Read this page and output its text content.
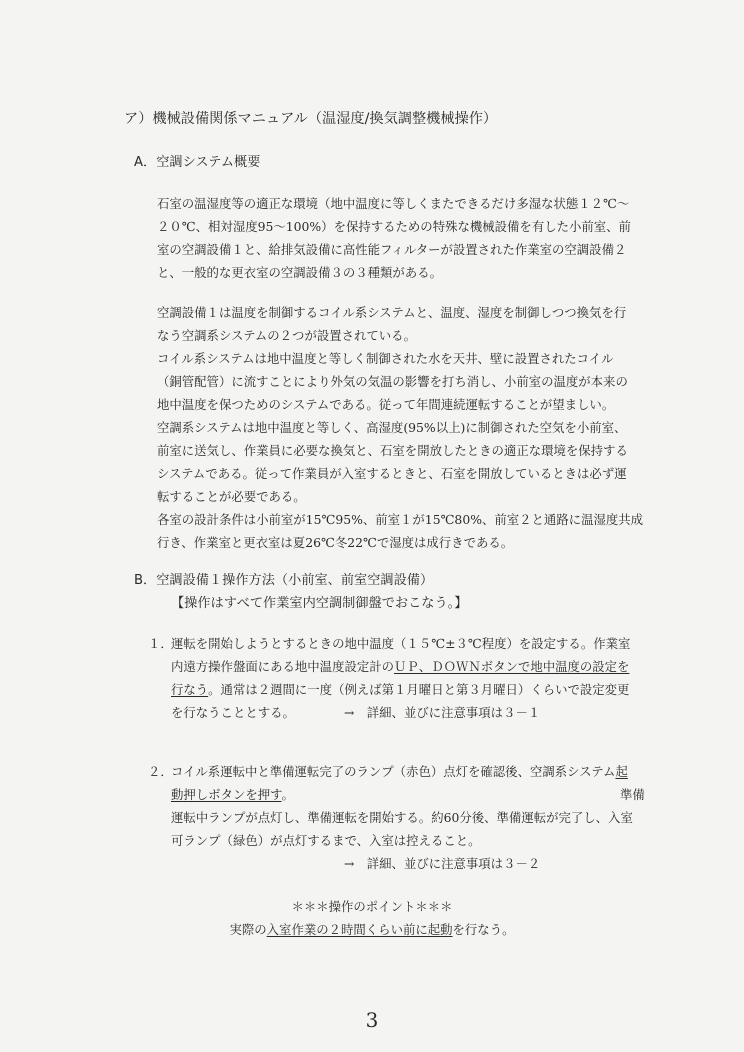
ア）機械設備関係マニュアル（温湿度/換気調整機械操作）
A．空調システム概要
石室の温湿度等の適正な環境（地中温度に等しくまたできるだけ多湿な状態１２℃～
２０℃、相対湿度95～100%）を保持するための特殊な機械設備を有した小前室、前
室の空調設備１と、給排気設備に高性能フィルターが設置された作業室の空調設備２
と、一般的な更衣室の空調設備３の３種類がある。
空調設備１は温度を制御するコイル系システムと、温度、湿度を制御しつつ換気を行
なう空調系システムの２つが設置されている。
コイル系システムは地中温度と等しく制御された水を天井、壁に設置されたコイル
（銅管配管）に流すことにより外気の気温の影響を打ち消し、小前室の温度が本来の
地中温度を保つためのシステムである。従って年間連続運転することが望ましい。
空調系システムは地中温度と等しく、高湿度(95%以上)に制御された空気を小前室、
前室に送気し、作業員に必要な換気と、石室を開放したときの適正な環境を保持する
システムである。従って作業員が入室するときと、石室を開放しているときは必ず運
転することが必要である。
各室の設計条件は小前室が15℃95%、前室１が15℃80%、前室２と通路に温湿度共成
行き、作業室と更衣室は夏26℃冬22℃で湿度は成行きである。
B．空調設備１操作方法（小前室、前室空調設備）
【操作はすべて作業室内空調制御盤でおこなう。】
１．
運転を開始しようとするときの地中温度（１５℃±３℃程度）を設定する。作業室
内遠方操作盤面にある地中温度設定計のＵＰ、ＤＯＷＮボタンで地中温度の設定を
行なう。通常は２週間に一度（例えば第１月曜日と第３月曜日）くらいで設定変更
を行なうこととする。	→　詳細、並びに注意事項は３－１
２．
コイル系運転中と準備運転完了のランプ（赤色）点灯を確認後、空調系システム起
動押しボタンを押す。	準備
運転中ランプが点灯し、準備運転を開始する。約60分後、準備運転が完了し、入室
可ランプ（緑色）が点灯するまで、入室は控えること。
→　詳細、並びに注意事項は３－２
＊＊＊操作のポイント＊＊＊
実際の入室作業の２時間くらい前に起動を行なう。
3
